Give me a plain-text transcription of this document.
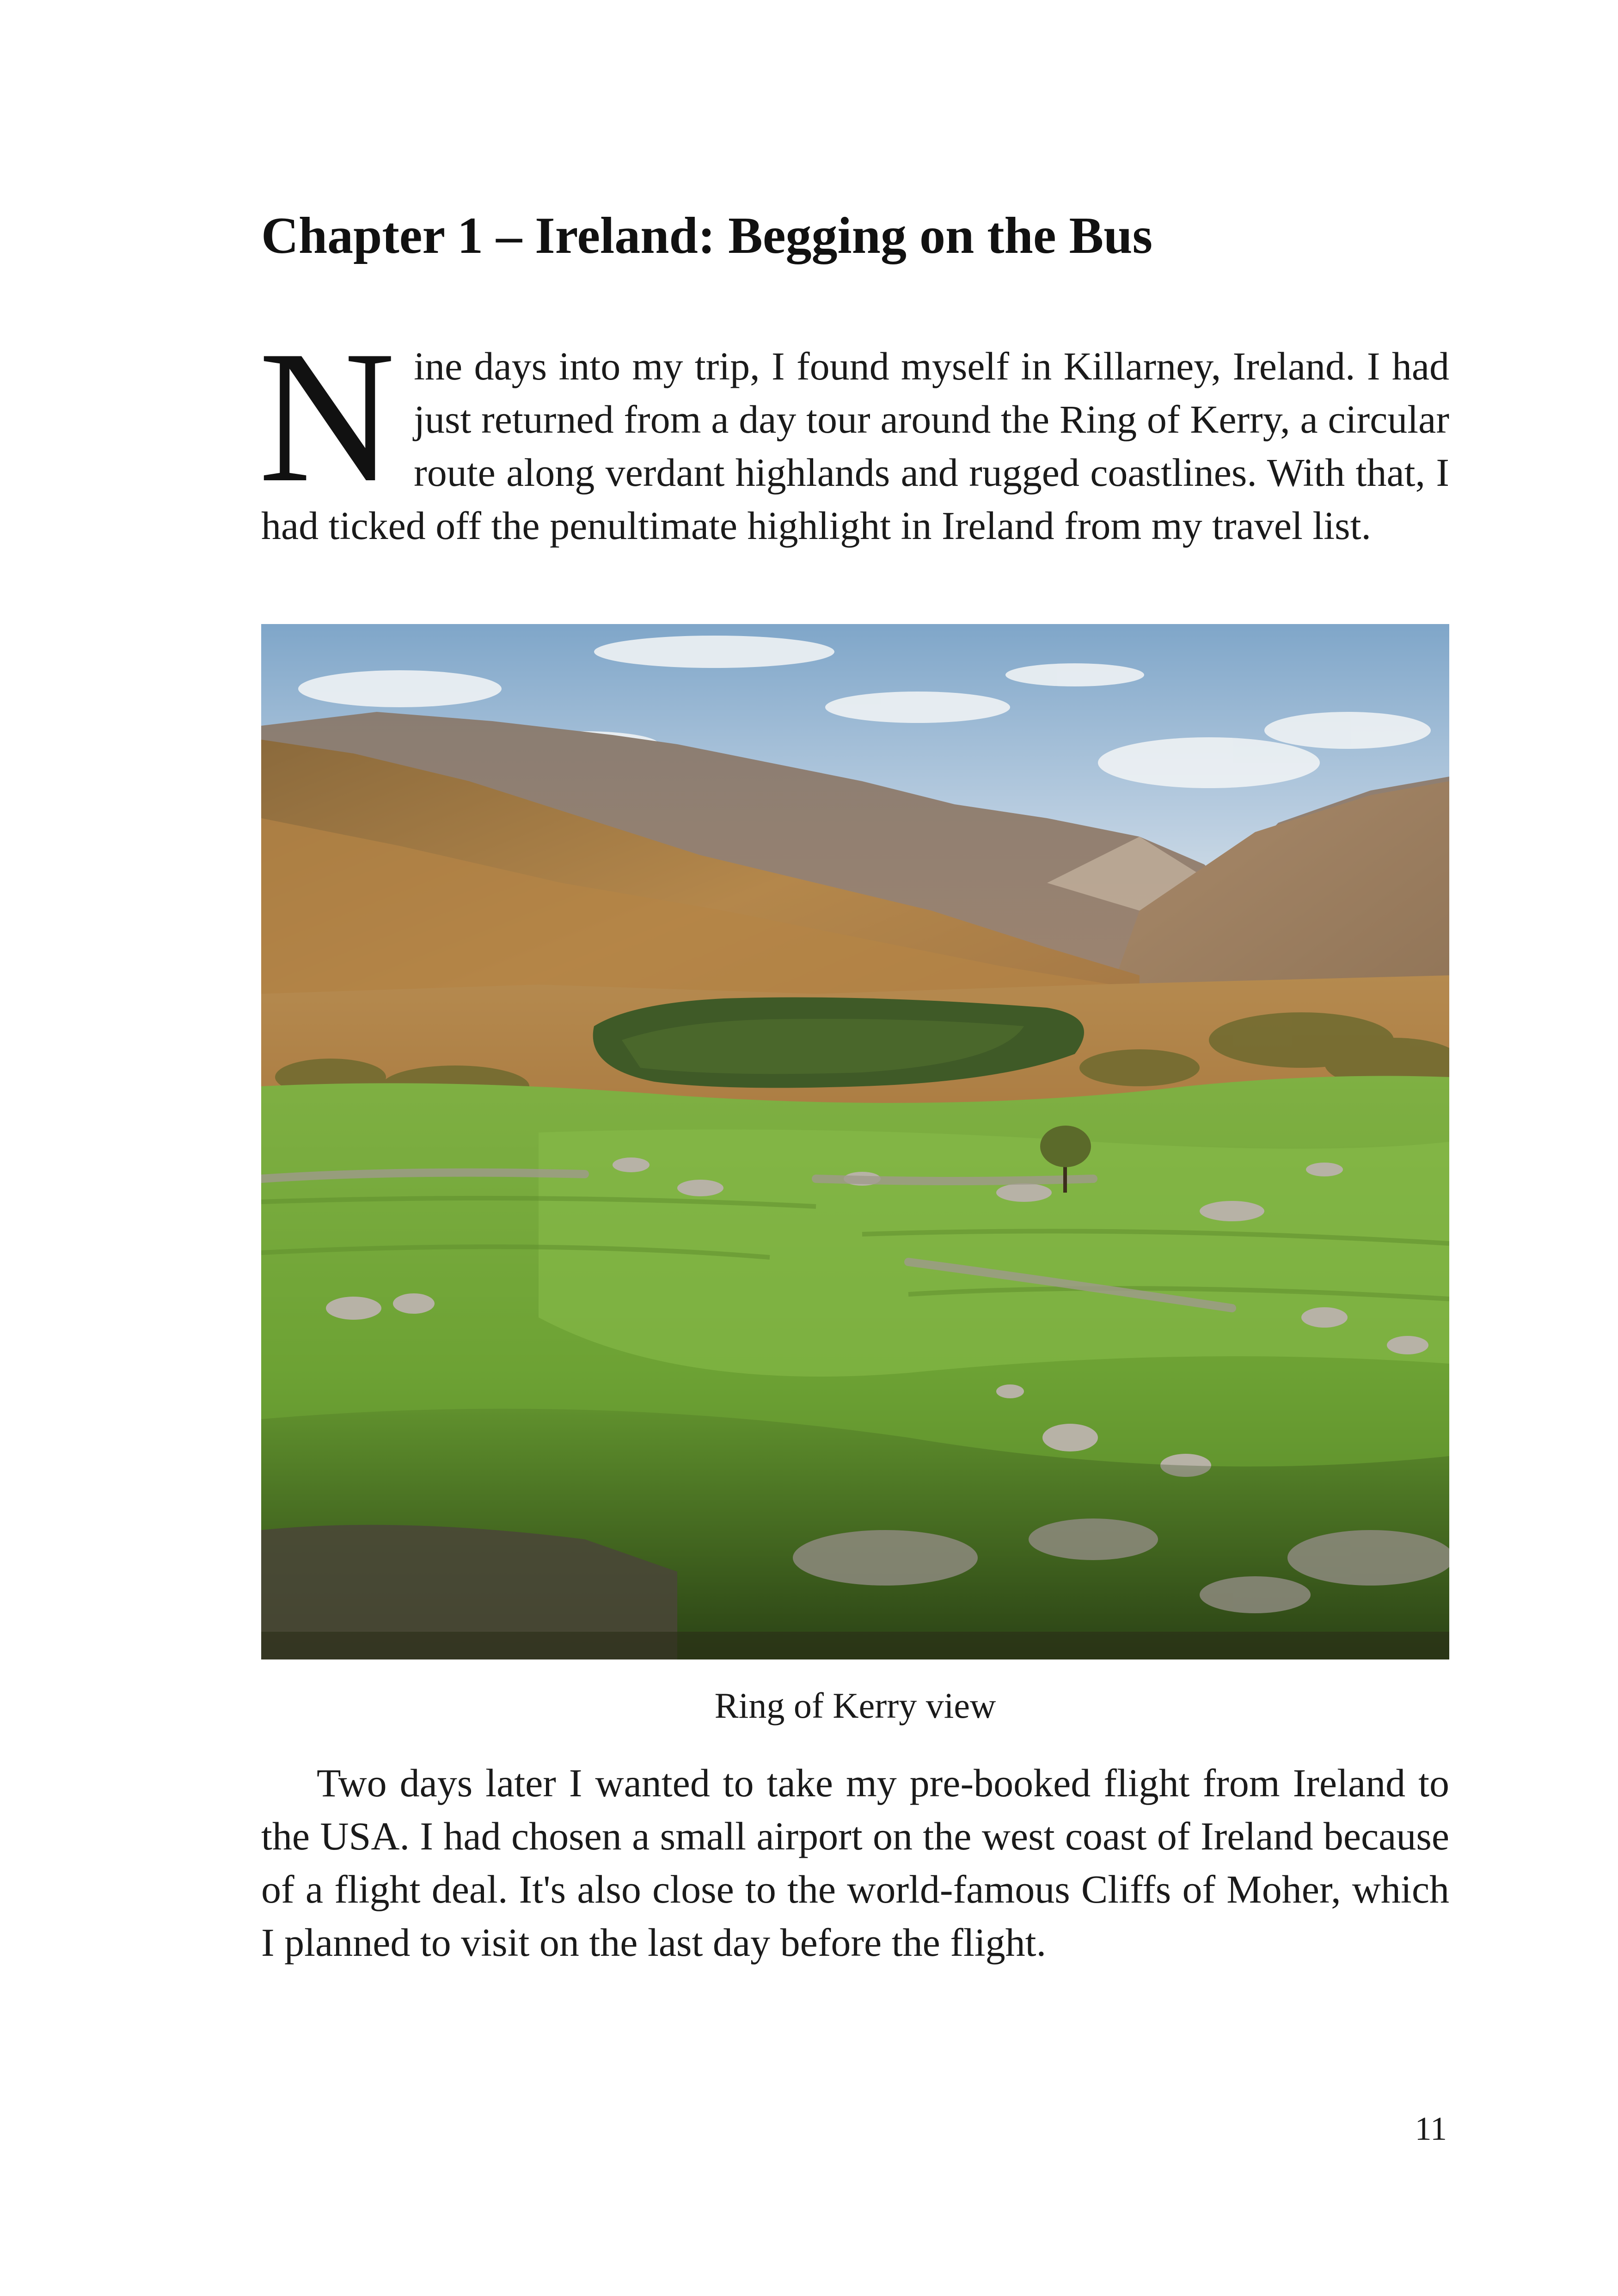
Chapter 1 – Ireland: Begging on the Bus

Nine days into my trip, I found myself in Killarney, Ireland. I had just returned from a day tour around the Ring of Kerry, a circular route along verdant highlands and rugged coastlines. With that, I had ticked off the penultimate highlight in Ireland from my travel list.

Ring of Kerry view

Two days later I wanted to take my pre-booked flight from Ireland to the USA. I had chosen a small airport on the west coast of Ireland because of a flight deal. It's also close to the world-famous Cliffs of Moher, which I planned to visit on the last day before the flight.

11
